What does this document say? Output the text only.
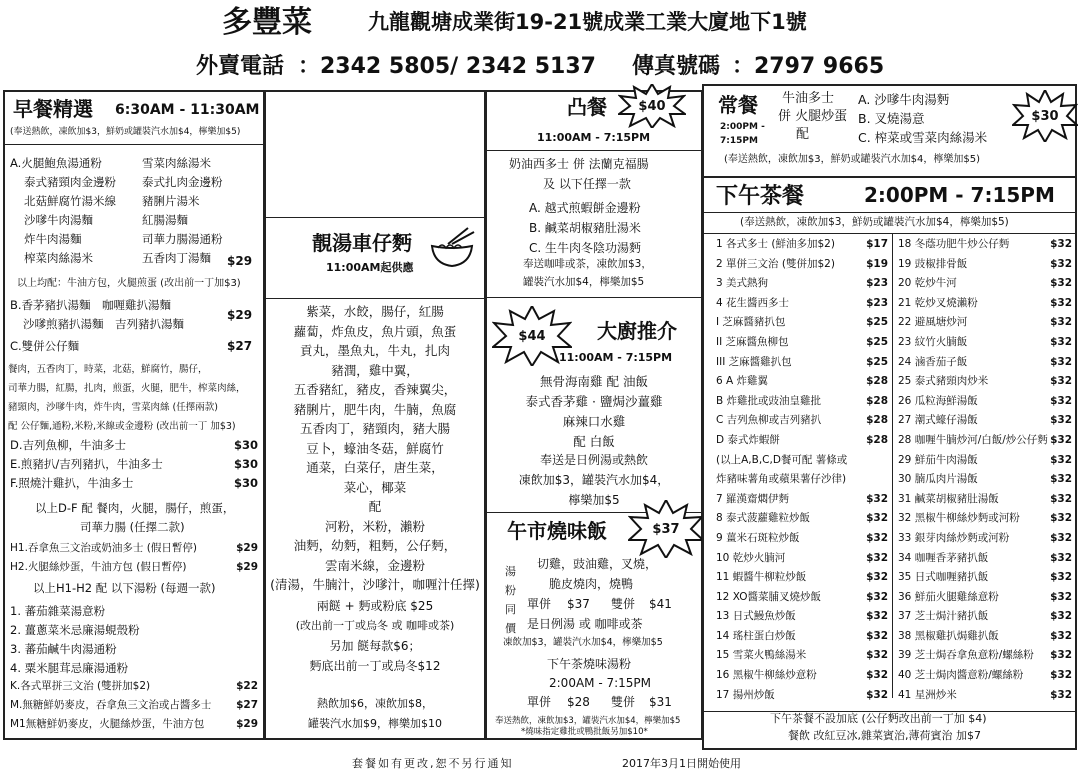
多豐菜	九龍觀塘成業街19-21號成業工業大廈地下1號
外賣電話 ：2342 5805/ 2342 5137 傳真號碼 ：2797 9665
早餐精選 6:30AM - 11:30AM
(奉送熱飲，凍飲加$3，鮮奶或罐裝汽水加$4，檸樂加$5)
A.火腿鮑魚湯通粉	雪菜肉絲湯米
泰式豬頸肉金邊粉 泰式扎肉金邊粉
北菇鮮腐竹湯米線 豬脷片湯米
沙嗲牛肉湯麵	紅腸湯麵
炸牛肉湯麵	司華力腸湯通粉
榨菜肉絲湯米	五香肉丁湯麵 $29
以上均配：牛油方包，火腿煎蛋 (改出前一丁加$3)
B.香茅豬扒湯麵　咖喱雞扒湯麵
沙嗲煎豬扒湯麵　吉列豬扒湯麵
$29
C.雙併公仔麵	$27
餐肉，五香肉丁，時菜，北菇，鮮腐竹，腸仔，
司華力腸，紅腸，扎肉，煎蛋，火腿，肥牛，榨菜肉絲，
豬頸肉，沙嗲牛肉，炸牛肉，雪菜肉絲 (任擇兩款)
配 公仔麵,通粉,米粉,米線或金邊粉 (改出前一丁 加$3)
D.吉列魚柳，牛油多士	$30
E.煎豬扒/吉列豬扒，牛油多士	$30
F.照燒汁雞扒，牛油多士	$30
以上D-F 配 餐肉，火腿，腸仔，煎蛋，
司華力腸 (任擇二款)
H1.吞拿魚三文治或奶油多士 (假日暫停)	$29
H2.火腿絲炒蛋，牛油方包 (假日暫停)	$29
以上H1-H2 配 以下湯粉 (每週一款)
1. 蕃茄雜菜湯意粉
2. 薑蔥菜米忌廉湯蜆殼粉
3. 蕃茄鹹牛肉湯通粉
4. 粟米腿茸忌廉湯通粉
K.各式單拼三文治 (雙拼加$2)	$22
M.無糖鮮奶麥皮，吞拿魚三文治或占醬多士 $27
M1無糖鮮奶麥皮，火腿絲炒蛋，牛油方包	$29
靚湯車仔麪
11:00AM起供應
紫菜，水餃，腸仔，紅腸
蘿蔔，炸魚皮，魚片頭，魚蛋
貢丸，墨魚丸，牛丸，扎肉
豬潤，雞中翼，
五香豬紅，豬皮，香辣翼尖，
豬脷片，肥牛肉，牛腩，魚腐
五香肉丁，豬頸肉，豬大腸
豆卜，蠔油冬菇，鮮腐竹
通菜，白菜仔，唐生菜，
菜心，椰菜
配
河粉，米粉，瀨粉
油麪，幼麪，粗麪，公仔麪，
雲南米線，金邊粉
(清湯，牛腩汁，沙嗲汁，咖喱汁任擇)
兩餸 + 麪或粉底 $25
(改出前一丁或烏冬 或 咖啡或茶)
另加 餸每款$6；
麪底出前一丁或烏冬$12
熱飲加$6，凍飲加$8，
罐裝汽水加$9，檸樂加$10
凸餐
11:00AM - 7:15PM
奶油西多士 併 法蘭克福腸
及 以下任擇一款
A. 越式煎蝦餅金邊粉
B. 鹹菜胡椒豬肚湯米
C. 生牛肉冬陰功湯麪
奉送咖啡或茶，凍飲加$3，
罐裝汽水加$4，檸樂加$5
大廚推介
11:00AM - 7:15PM
無骨海南雞 配 油飯
泰式香茅雞 · 鹽焗沙薑雞
麻辣口水雞
配 白飯
奉送是日例湯或熱飲
凍飲加$3，罐裝汽水加$4，
檸樂加$5
午市燒味飯
湯
粉
同
價
切雞，豉油雞，叉燒，
脆皮燒肉，燒鴨
單併 $37 雙併 $41
是日例湯 或 咖啡或茶
凍飲加$3，罐裝汽水加$4，檸樂加$5
下午茶燒味湯粉
2:00AM - 7:15PM
單併 $28 雙併 $31
奉送熱飲，凍飲加$3，罐裝汽水加$4，檸樂加$5
*燒味指定雞批或鴨批飯另加$10*
$40
$44
$37
常餐
2:00PM -
7:15PM
牛油多士
併 火腿炒蛋
配
A. 沙嗲牛肉湯麪
B. 叉燒湯意
C. 榨菜或雪菜肉絲湯米
(奉送熱飲，凍飲加$3，鮮奶或罐裝汽水加$4，檸樂加$5)
$30
下午茶餐	2:00PM - 7:15PM
(奉送熱飲，凍飲加$3，鮮奶或罐裝汽水加$4，檸樂加$5)
1 各式多士 (鮮油多加$2)	$17
2 單併三文治 (雙併加$2)	$19
3 美式熱狗	$23
4 花生醬西多士	$23
I 芝麻醬豬扒包	$25
II 芝麻醬魚柳包	$25
III 芝麻醬雞扒包	$25
6 A 炸雞翼	$28
B 炸雞批或豉油皇雞批	$28
C 吉列魚柳或吉列豬扒	$28
D 泰式炸蝦餅	$28
(以上A,B,C,D餐可配 薯條或
炸豬味薯角或蘋果薯仔沙律)
7 羅漢齋燜伊麪	$32
8 泰式菠蘿雞粒炒飯	$32
9 薑米石斑粒炒飯	$32
10 乾炒火腩河	$32
11 蝦醬牛柳粒炒飯	$32
12 XO醬菜脯叉燒炒飯	$32
13 日式鰻魚炒飯	$32
14 瑤柱蛋白炒飯	$32
15 雪菜火鴨絲湯米	$32
16 黑椒牛柳絲炒意粉	$32
17 揚州炒飯	$32
18 冬蔭功肥牛炒公仔麪	$32
19 豉椒排骨飯	$32
20 乾炒牛河	$32
21 乾炒叉燒瀨粉	$32
22 避風塘炒河	$32
23 紋竹火腩飯	$32
24 滷香茄子飯	$32
25 泰式豬頸肉炒米	$32
26 瓜粒海鮮湯飯	$32
27 潮式蠔仔湯飯	$32
28 咖喱牛腩炒河/白飯/炒公仔麪 $32
29 鮮茄牛肉湯飯	$32
30 腩瓜肉片湯飯	$32
31 鹹菜胡椒豬肚湯飯	$32
32 黑椒牛柳絲炒麪或河粉	$32
33 銀芽肉絲炒麪或河粉	$32
34 咖喱香茅豬扒飯	$32
35 日式咖喱豬扒飯	$32
36 鮮茄火腿雞絲意粉	$32
37 芝士焗汁豬扒飯	$32
38 黑椒雞扒焗雞扒飯	$32
39 芝士焗吞拿魚意粉/螺絲粉 $32
40 芝士焗肉醬意粉/螺絲粉	$32
41 星洲炒米	$32
下午茶餐不設加底 (公仔麪改出前一丁加 $4)
餐飲 改紅豆冰,雜菜賓治,薄荷賓治 加$7
套餐如有更改,恕不另行通知	2017年3月1日開始使用
